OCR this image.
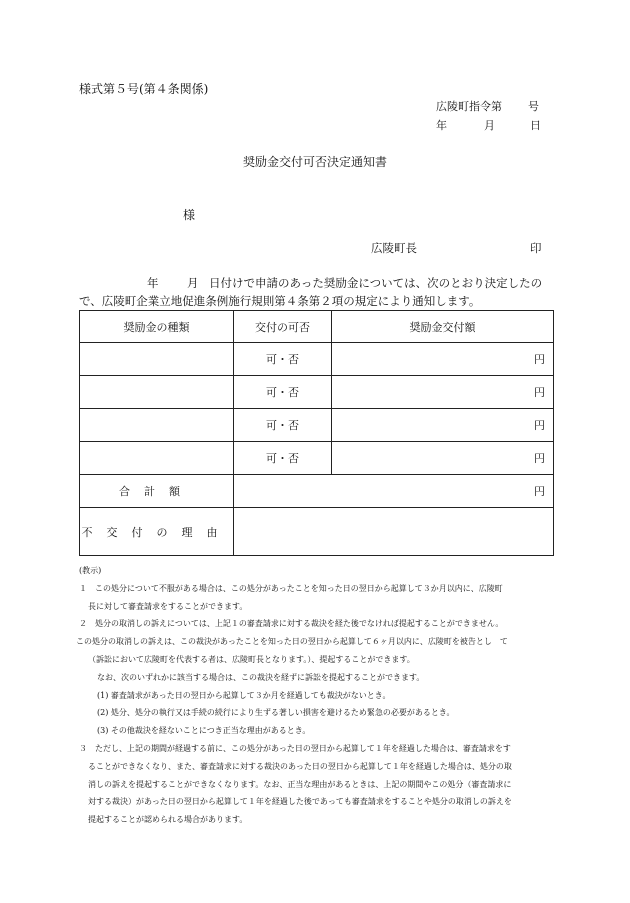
様式第５号(第４条関係)
広陵町指令第 号
年	月	日
奨励金交付可否決定通知書
様
広陵町長	印
年 月 日付けで申請のあった奨励金については、次のとおり決定したの
で、広陵町企業立地促進条例施行規則第４条第２項の規定により通知します。
奨励金の種類	交付の可否	奨励金交付額
	可・否	円
	可・否	円
	可・否	円
	可・否	円
合計額	円	
不交付の理由		
(教示)
１　この処分について不服がある場合は、この処分があったことを知った日の翌日から起算して３か月以内に、広陵町
長に対して審査請求をすることができます。
２　処分の取消しの訴えについては、上記１の審査請求に対する裁決を経た後でなければ提起することができません。
この処分の取消しの訴えは、この裁決があったことを知った日の翌日から起算して６ヶ月以内に、広陵町を被告とし　て
（訴訟において広陵町を代表する者は、広陵町長となります。）、提起することができます。
なお、次のいずれかに該当する場合は、この裁決を経ずに訴訟を提起することができます。
(1) 審査請求があった日の翌日から起算して３か月を経過しても裁決がないとき。
(2) 処分、処分の執行又は手続の続行により生ずる著しい損害を避けるため緊急の必要があるとき。
(3) その他裁決を経ないことにつき正当な理由があるとき。
３　ただし、上記の期間が経過する前に、この処分があった日の翌日から起算して１年を経過した場合は、審査請求をす
ることができなくなり、また、審査請求に対する裁決のあった日の翌日から起算して１年を経過した場合は、処分の取
消しの訴えを提起することができなくなります。なお、正当な理由があるときは、上記の期間やこの処分（審査請求に
対する裁決）があった日の翌日から起算して１年を経過した後であっても審査請求をすることや処分の取消しの訴えを
提起することが認められる場合があります。
